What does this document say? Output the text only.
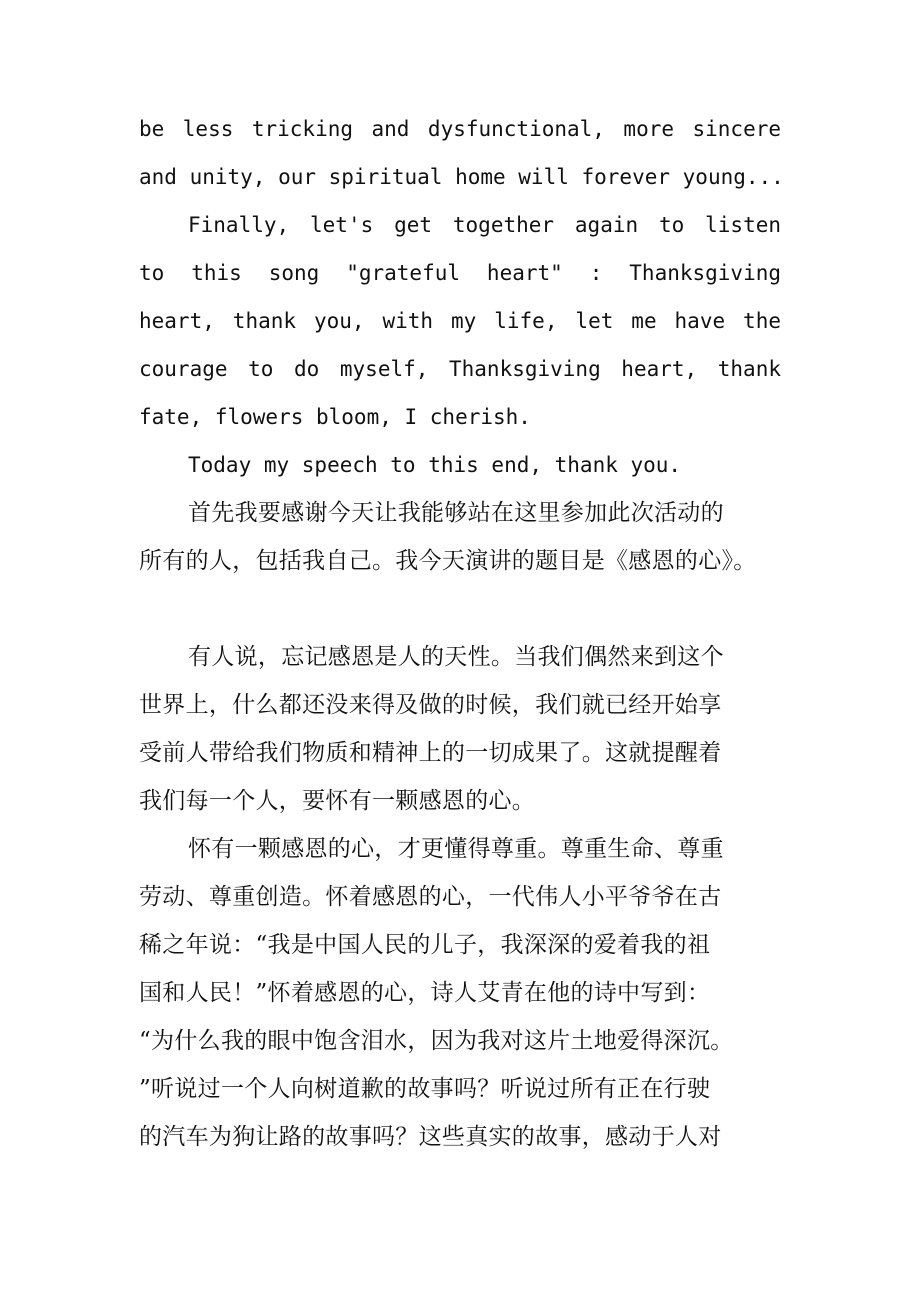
be less tricking and dysfunctional, more sincere
and unity, our spiritual home will forever young...
Finally, let's get together again to listen
to this song "grateful heart" : Thanksgiving
heart, thank you, with my life, let me have the
courage to do myself, Thanksgiving heart, thank
fate, flowers bloom, I cherish.
Today my speech to this end, thank you.
首先我要感谢今天让我能够站在这里参加此次活动的
所有的人，包括我自己。我今天演讲的题目是《感恩的心》。
有人说，忘记感恩是人的天性。当我们偶然来到这个
世界上，什么都还没来得及做的时候，我们就已经开始享
受前人带给我们物质和精神上的一切成果了。这就提醒着
我们每一个人，要怀有一颗感恩的心。
怀有一颗感恩的心，才更懂得尊重。尊重生命、尊重
劳动、尊重创造。怀着感恩的心，一代伟人小平爷爷在古
稀之年说：“我是中国人民的儿子，我深深的爱着我的祖
国和人民！”怀着感恩的心，诗人艾青在他的诗中写到：
“为什么我的眼中饱含泪水，因为我对这片土地爱得深沉。
”听说过一个人向树道歉的故事吗？听说过所有正在行驶
的汽车为狗让路的故事吗？这些真实的故事，感动于人对
